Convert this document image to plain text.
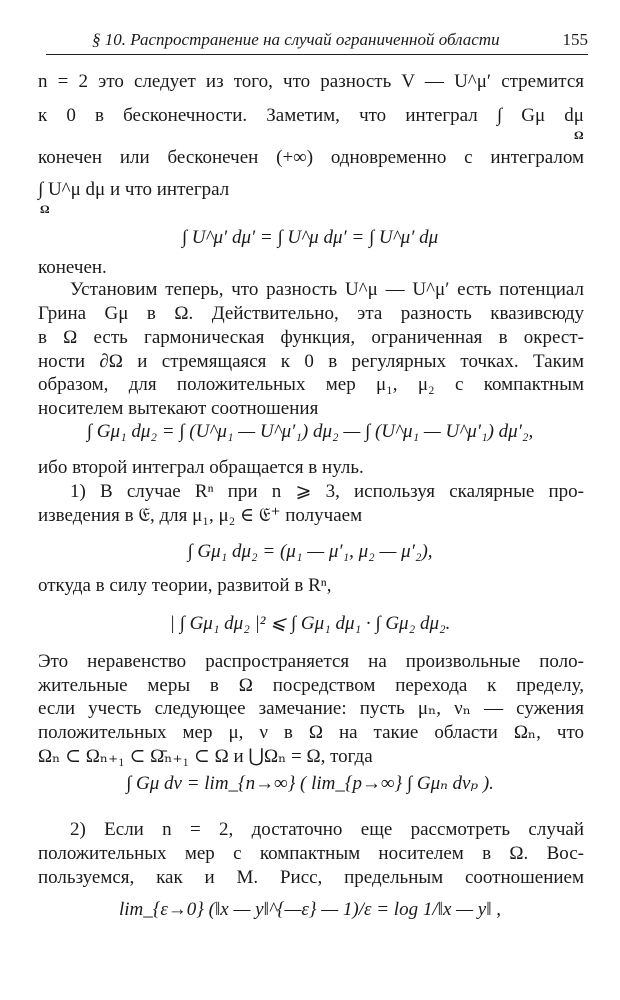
§ 10. Распространение на случай ограниченной области	155
n = 2 это следует из того, что разность V — U^μ′ стремится
к 0 в бесконечности. Заметим, что интеграл ∫ Gμ dμ
Ω
конечен или бесконечен (+∞) одновременно с интегралом
∫ U^μ dμ и что интеграл
Ω
∫ U^μ′ dμ′ = ∫ U^μ dμ′ = ∫ U^μ′ dμ
конечен.
Установим теперь, что разность U^μ — U^μ′ есть потенциал
Грина Gμ в Ω. Действительно, эта разность квазивсюду
в Ω есть гармоническая функция, ограниченная в окрест-
ности ∂Ω и стремящаяся к 0 в регулярных точках. Таким
образом, для положительных мер μ₁, μ₂ с компактным
носителем вытекают соотношения
∫ Gμ₁ dμ₂ = ∫ (U^μ₁ — U^μ′₁) dμ₂ — ∫ (U^μ₁ — U^μ′₁) dμ′₂,
ибо второй интеграл обращается в нуль.
1) В случае Rⁿ при n ⩾ 3, используя скалярные про-
изведения в 𝔈, для μ₁, μ₂ ∈ 𝔈⁺ получаем
∫ Gμ₁ dμ₂ = (μ₁ — μ′₁, μ₂ — μ′₂),
откуда в силу теории, развитой в Rⁿ,
| ∫ Gμ₁ dμ₂ |² ⩽ ∫ Gμ₁ dμ₁ · ∫ Gμ₂ dμ₂.
Это неравенство распространяется на произвольные поло-
жительные меры в Ω посредством перехода к пределу,
если учесть следующее замечание: пусть μₙ, νₙ — сужения
положительных мер μ, ν в Ω на такие области Ωₙ, что
Ωₙ ⊂ Ωₙ₊₁ ⊂ Ω̄ₙ₊₁ ⊂ Ω и ⋃Ωₙ = Ω, тогда
∫ Gμ dν = lim_{n→∞} ( lim_{p→∞} ∫ Gμₙ dνₚ ).
2) Если n = 2, достаточно еще рассмотреть случай
положительных мер с компактным носителем в Ω. Вос-
пользуемся, как и М. Рисс, предельным соотношением
lim_{ε→0} (‖x — y‖^{—ε} — 1)/ε = log 1/‖x — y‖ ,
